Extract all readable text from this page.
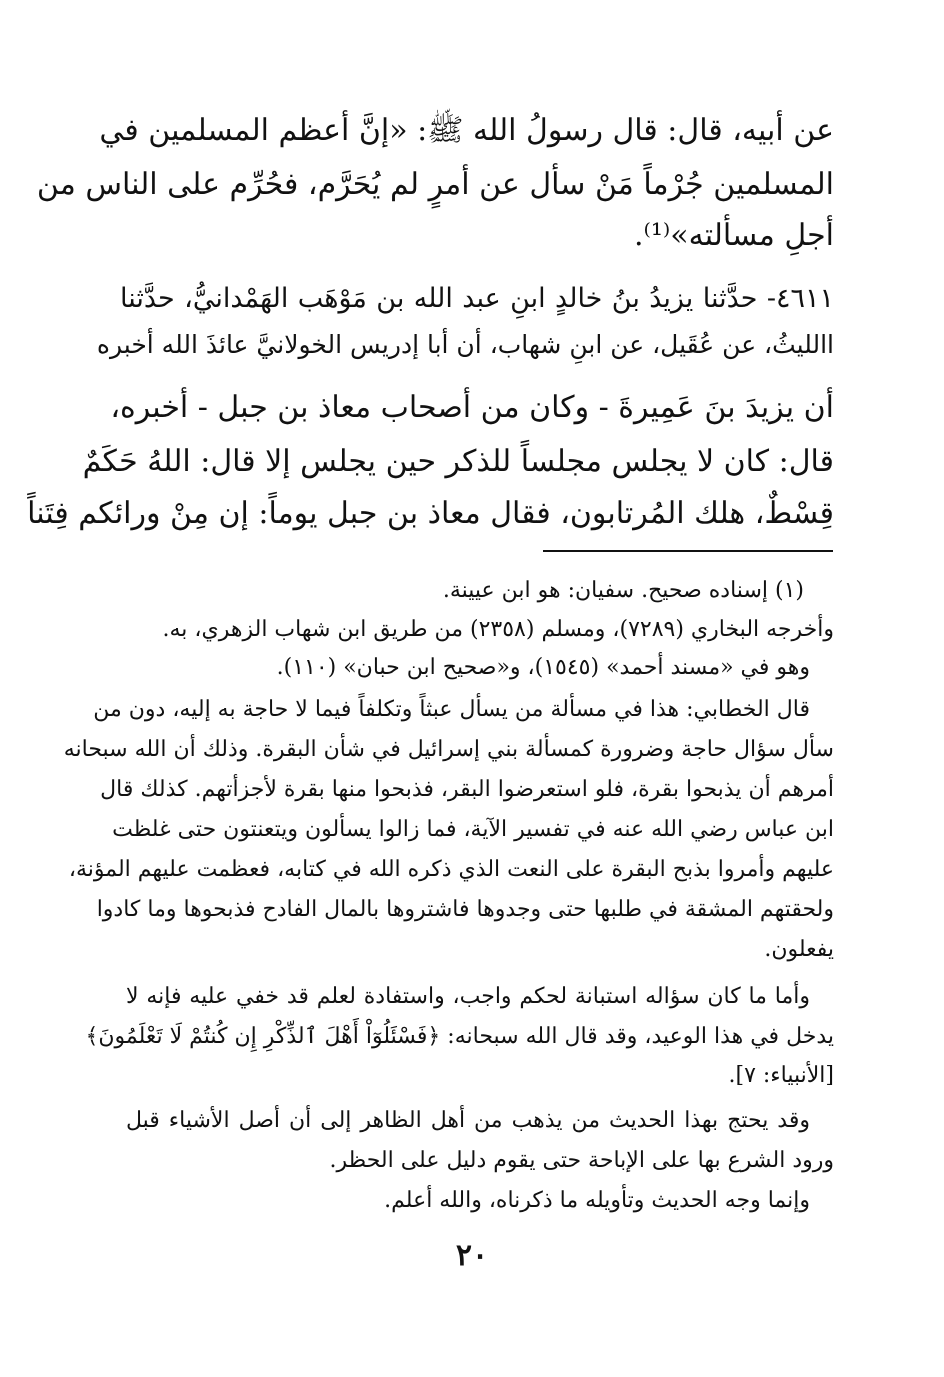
عن أبيه، قال: قال رسولُ الله ﷺ: «إنَّ أعظم المسلمين في
المسلمين جُرْماً مَنْ سأل عن أمرٍ لم يُحَرَّم، فحُرِّم على الناس من
أجلِ مسألته»⁽¹⁾.
٤٦١١- حدَّثنا يزيدُ بنُ خالدٍ ابنِ عبد الله بن مَوْهَب الهَمْدانيُّ، حدَّثنا
االليثُ، عن عُقَيل، عن ابنِ شهاب، أن أبا إدريس الخولانيَّ عائذَ الله أخبره
أن يزيدَ بنَ عَمِيرةَ - وكان من أصحاب معاذ بن جبل - أخبره،
قال: كان لا يجلس مجلساً للذكر حين يجلس إلا قال: اللهُ حَكَمٌ
قِسْطٌ، هلك المُرتابون، فقال معاذ بن جبل يوماً: إن مِنْ ورائكم فِتَناً
(١) إسناده صحيح. سفيان: هو ابن عيينة.
وأخرجه البخاري (٧٢٨٩)، ومسلم (٢٣٥٨) من طريق ابن شهاب الزهري، به.
وهو في «مسند أحمد» (١٥٤٥)، و«صحيح ابن حبان» (١١٠).
قال الخطابي: هذا في مسألة من يسأل عبثاً وتكلفاً فيما لا حاجة به إليه، دون من
سأل سؤال حاجة وضرورة كمسألة بني إسرائيل في شأن البقرة. وذلك أن الله سبحانه
أمرهم أن يذبحوا بقرة، فلو استعرضوا البقر، فذبحوا منها بقرة لأجزأتهم. كذلك قال
ابن عباس رضي الله عنه في تفسير الآية، فما زالوا يسألون ويتعنتون حتى غلظت
عليهم وأمروا بذبح البقرة على النعت الذي ذكره الله في كتابه، فعظمت عليهم المؤنة،
ولحقتهم المشقة في طلبها حتى وجدوها فاشتروها بالمال الفادح فذبحوها وما كادوا
يفعلون.
وأما ما كان سؤاله استبانة لحكم واجب، واستفادة لعلم قد خفي عليه فإنه لا
يدخل في هذا الوعيد، وقد قال الله سبحانه: ﴿فَسْئَلُوٓاْ أَهْلَ ٱلذِّكْرِ إِن كُنتُمْ لَا تَعْلَمُونَ﴾
[الأنبياء: ٧].
وقد يحتج بهذا الحديث من يذهب من أهل الظاهر إلى أن أصل الأشياء قبل
ورود الشرع بها على الإباحة حتى يقوم دليل على الحظر.
وإنما وجه الحديث وتأويله ما ذكرناه، والله أعلم.
٢٠
